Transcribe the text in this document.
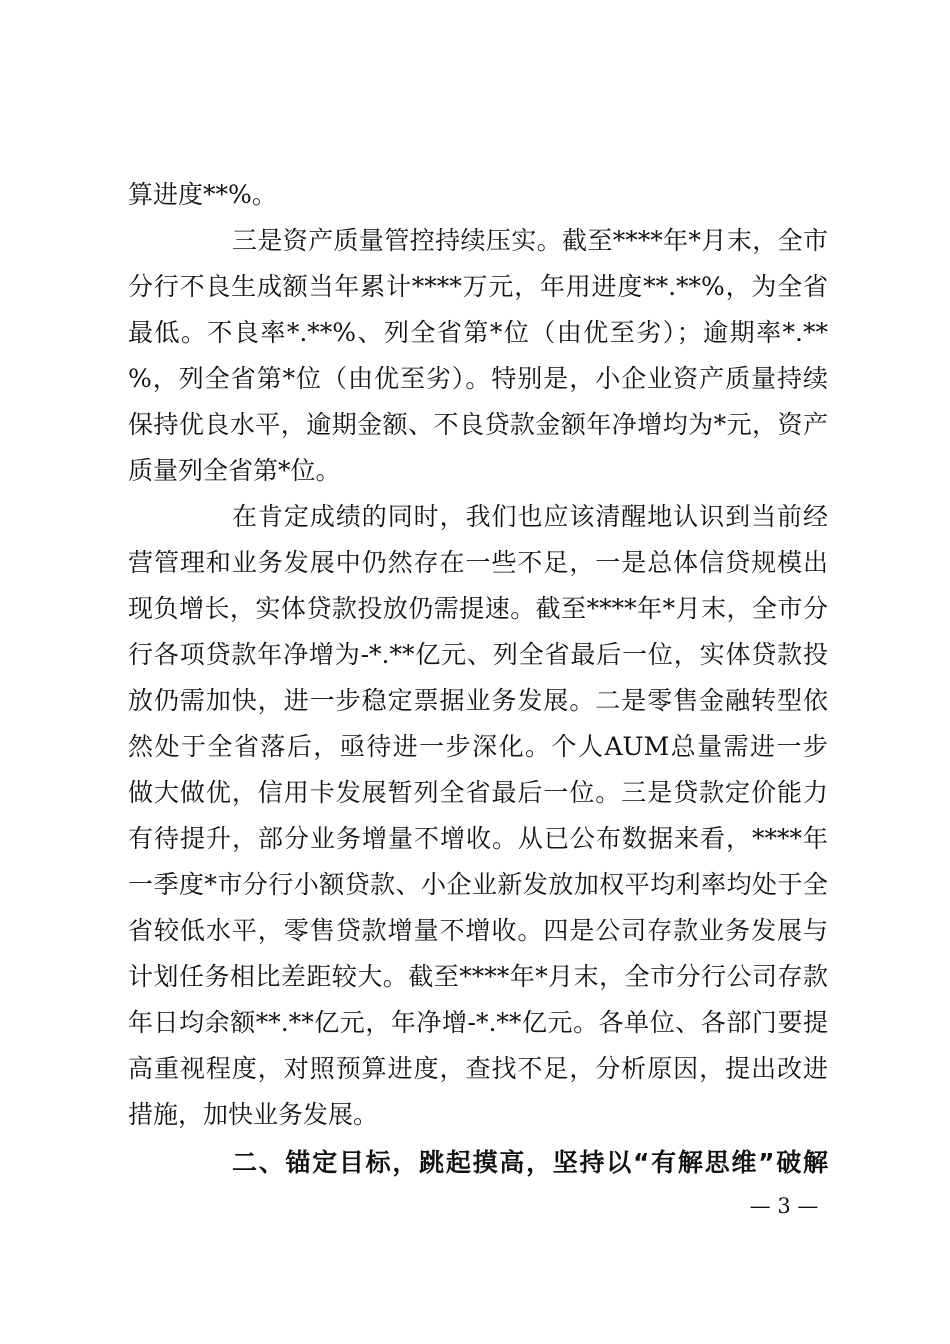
算进度**%。
三是资产质量管控持续压实。截至****年*月末，全市
分行不良生成额当年累计****万元，年用进度**.**%，为全省
最低。不良率*.**%、列全省第*位（由优至劣）；逾期率*.**
%，列全省第*位（由优至劣）。特别是，小企业资产质量持续
保持优良水平，逾期金额、不良贷款金额年净增均为*元，资产
质量列全省第*位。
在肯定成绩的同时，我们也应该清醒地认识到当前经
营管理和业务发展中仍然存在一些不足，一是总体信贷规模出
现负增长，实体贷款投放仍需提速。截至****年*月末，全市分
行各项贷款年净增为-*.**亿元、列全省最后一位，实体贷款投
放仍需加快，进一步稳定票据业务发展。二是零售金融转型依
然处于全省落后，亟待进一步深化。个人AUM总量需进一步
做大做优，信用卡发展暂列全省最后一位。三是贷款定价能力
有待提升，部分业务增量不增收。从已公布数据来看，****年
一季度*市分行小额贷款、小企业新发放加权平均利率均处于全
省较低水平，零售贷款增量不增收。四是公司存款业务发展与
计划任务相比差距较大。截至****年*月末，全市分行公司存款
年日均余额**.**亿元，年净增-*.**亿元。各单位、各部门要提
高重视程度，对照预算进度，查找不足，分析原因，提出改进
措施，加快业务发展。
二、锚定目标，跳起摸高，坚持以“有解思维”破解
— 3 —
